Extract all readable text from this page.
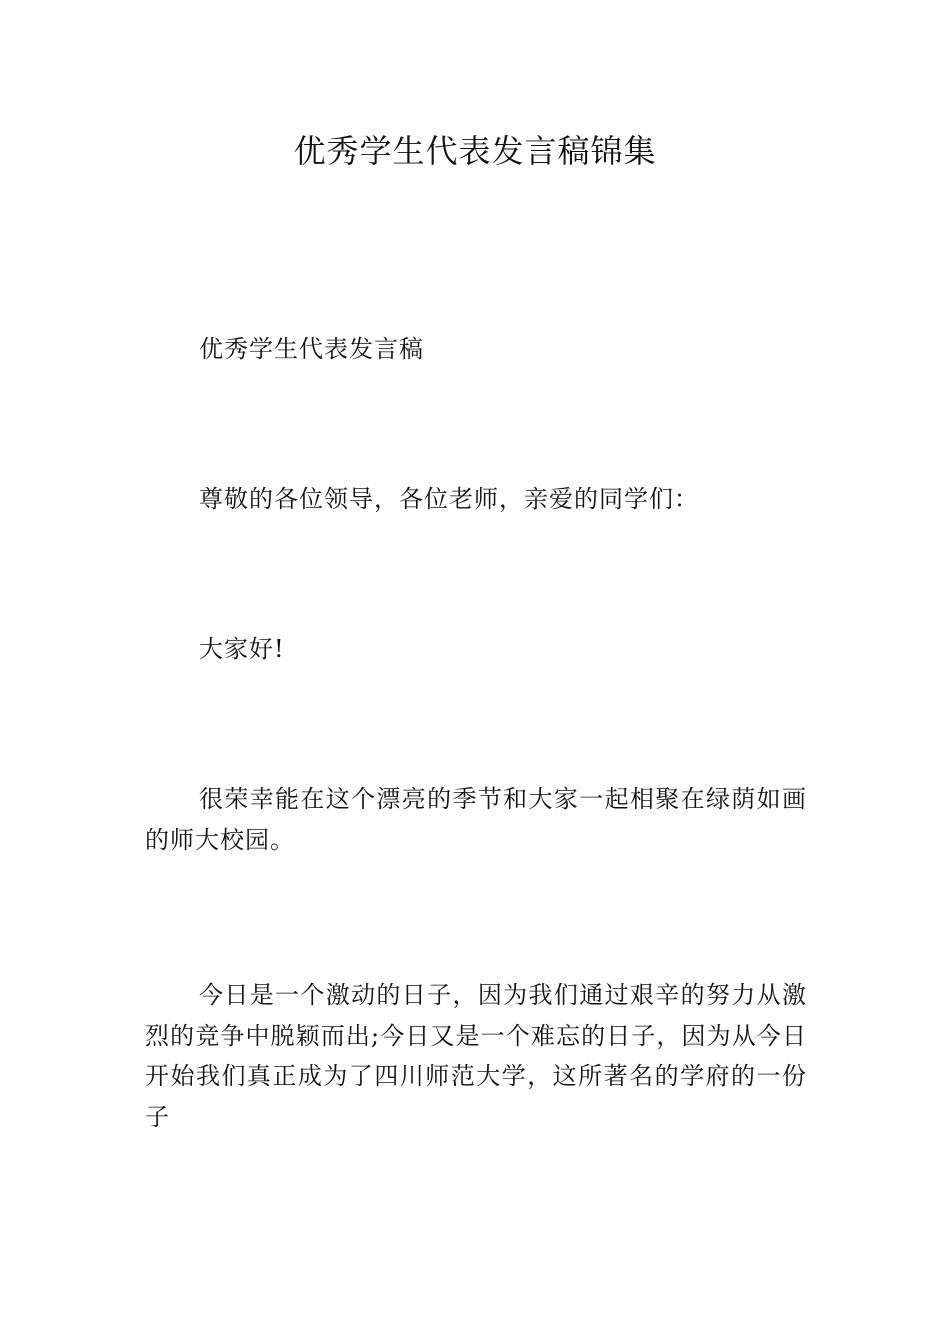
优秀学生代表发言稿锦集

优秀学生代表发言稿

尊敬的各位领导，各位老师，亲爱的同学们：

大家好!

很荣幸能在这个漂亮的季节和大家一起相聚在绿荫如画的师大校园。

今日是一个激动的日子，因为我们通过艰辛的努力从激烈的竞争中脱颖而出;今日又是一个难忘的日子，因为从今日开始我们真正成为了四川师范大学，这所著名的学府的一份子
